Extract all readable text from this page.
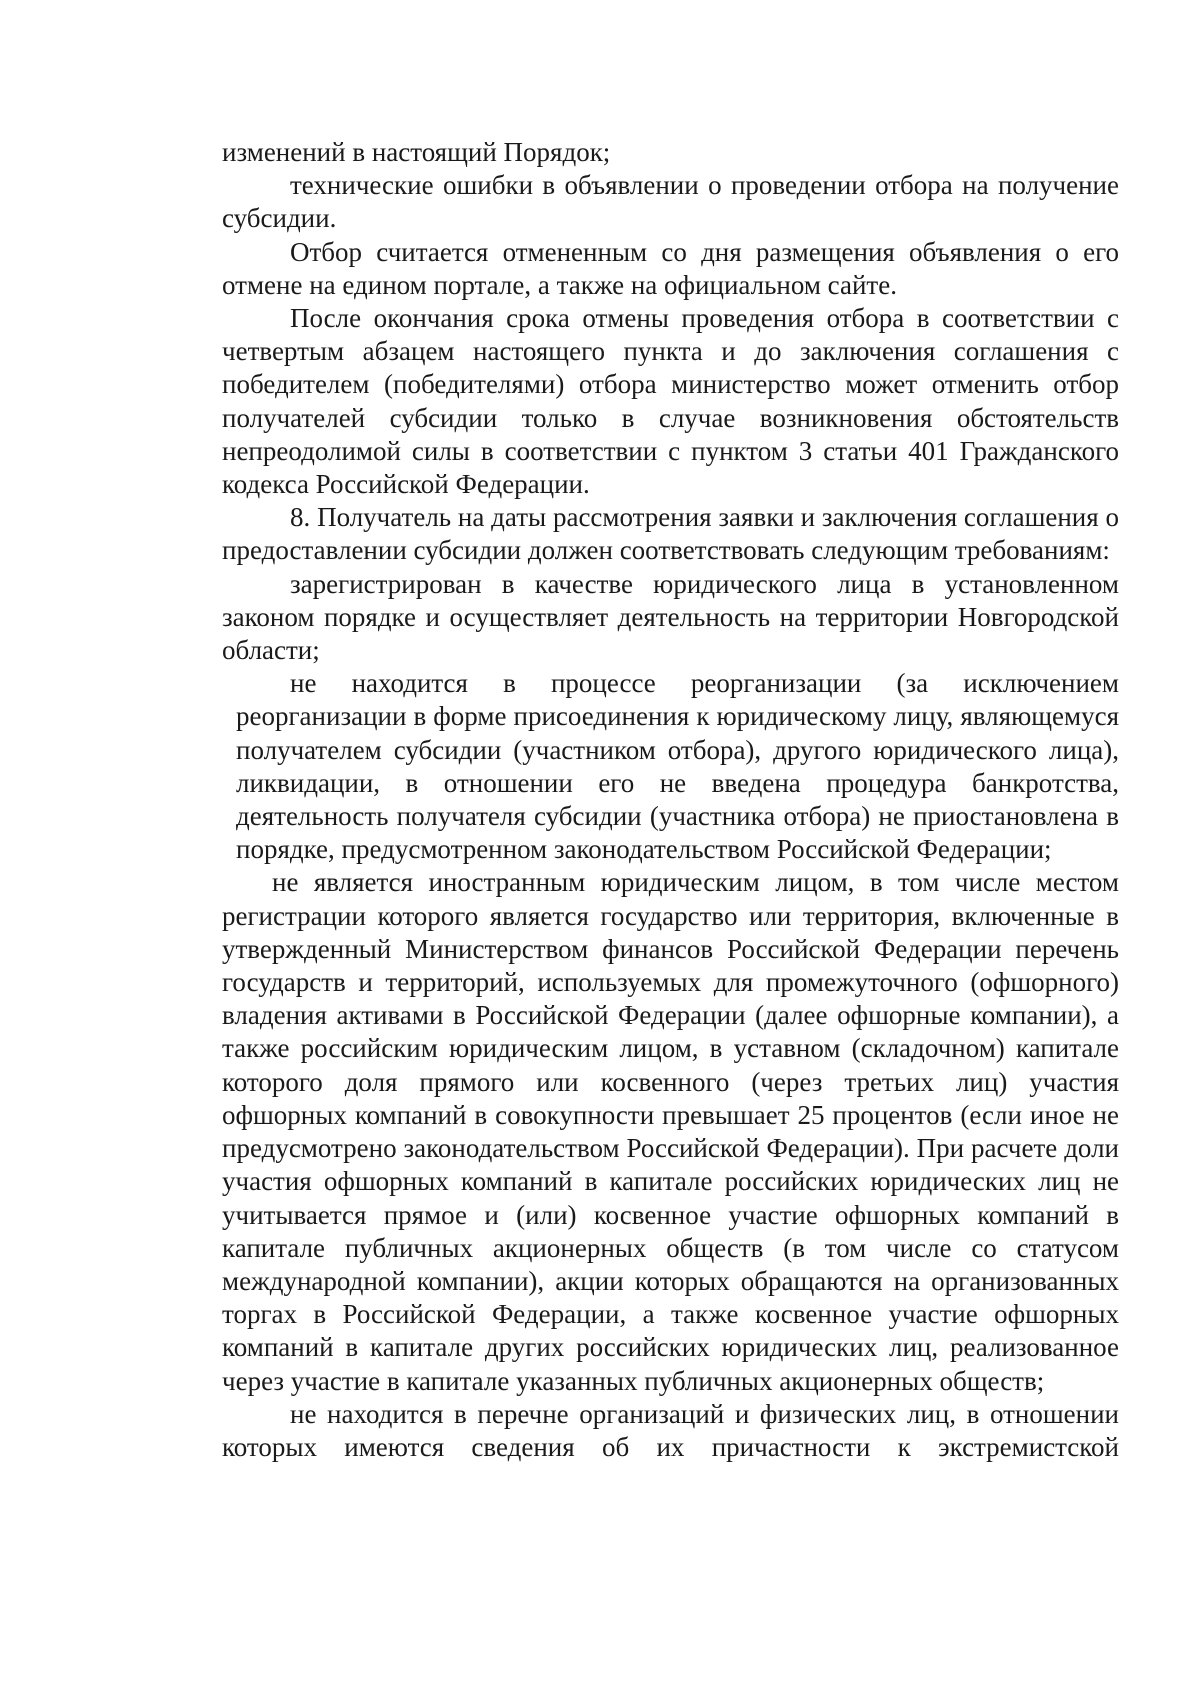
изменений в настоящий Порядок;

технические ошибки в объявлении о проведении отбора на получение субсидии.

Отбор считается отмененным со дня размещения объявления о его отмене на едином портале, а также на официальном сайте.

После окончания срока отмены проведения отбора в соответствии с четвертым абзацем настоящего пункта и до заключения соглашения с победителем (победителями) отбора министерство может отменить отбор получателей субсидии только в случае возникновения обстоятельств непреодолимой силы в соответствии с пунктом 3 статьи 401 Гражданского кодекса Российской Федерации.

8. Получатель на даты рассмотрения заявки и заключения соглашения о предоставлении субсидии должен соответствовать следующим требованиям:

зарегистрирован в качестве юридического лица в установленном законом порядке и осуществляет деятельность на территории Новгородской области;

не находится в процессе реорганизации (за исключением реорганизации в форме присоединения к юридическому лицу, являющемуся получателем субсидии (участником отбора), другого юридического лица), ликвидации, в отношении его не введена процедура банкротства, деятельность получателя субсидии (участника отбора) не приостановлена в порядке, предусмотренном законодательством Российской Федерации;

не является иностранным юридическим лицом, в том числе местом регистрации которого является государство или территория, включенные в утвержденный Министерством финансов Российской Федерации перечень государств и территорий, используемых для промежуточного (офшорного) владения активами в Российской Федерации (далее офшорные компании), а также российским юридическим лицом, в уставном (складочном) капитале которого доля прямого или косвенного (через третьих лиц) участия офшорных компаний в совокупности превышает 25 процентов (если иное не предусмотрено законодательством Российской Федерации). При расчете доли участия офшорных компаний в капитале российских юридических лиц не учитывается прямое и (или) косвенное участие офшорных компаний в капитале публичных акционерных обществ (в том числе со статусом международной компании), акции которых обращаются на организованных торгах в Российской Федерации, а также косвенное участие офшорных компаний в капитале других российских юридических лиц, реализованное через участие в капитале указанных публичных акционерных обществ;

не находится в перечне организаций и физических лиц, в отношении которых имеются сведения об их причастности к экстремистской
